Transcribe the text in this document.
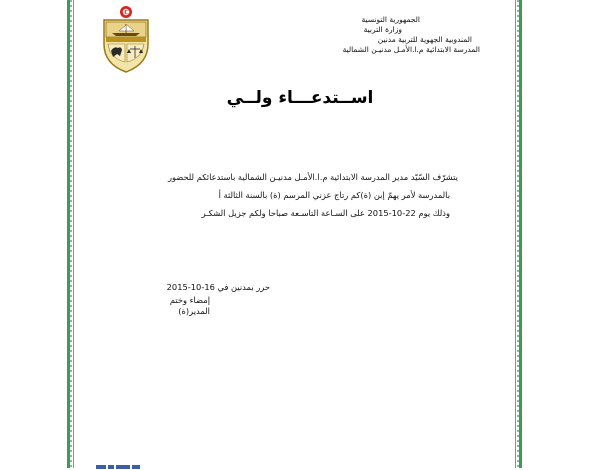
الجمهورية التونسية
وزارة التربية
المندوبية الجهوية للتربية مدنين
المدرسة الابتدائية م.ا.الأمـل مدنيـن الشمالية
اســتدعـــاء ولــي
يتشرّف السّيّد مدير المدرسة الابتدائية م.ا.الأمـل مدنيـن الشمالية باستدعائكم للحضور
بالمدرسة لأمر يهمّ إبن (ة)كم رتاج عزني المرسم (ة) بالسنة الثالثة أ
وذلك يوم 22-10-2015 على السـاعة التاسـعة صباحا ولكم جزيل الشكـر
حرر بمدنين في 16-10-2015
إمضاء وختم
المدير(ة)
